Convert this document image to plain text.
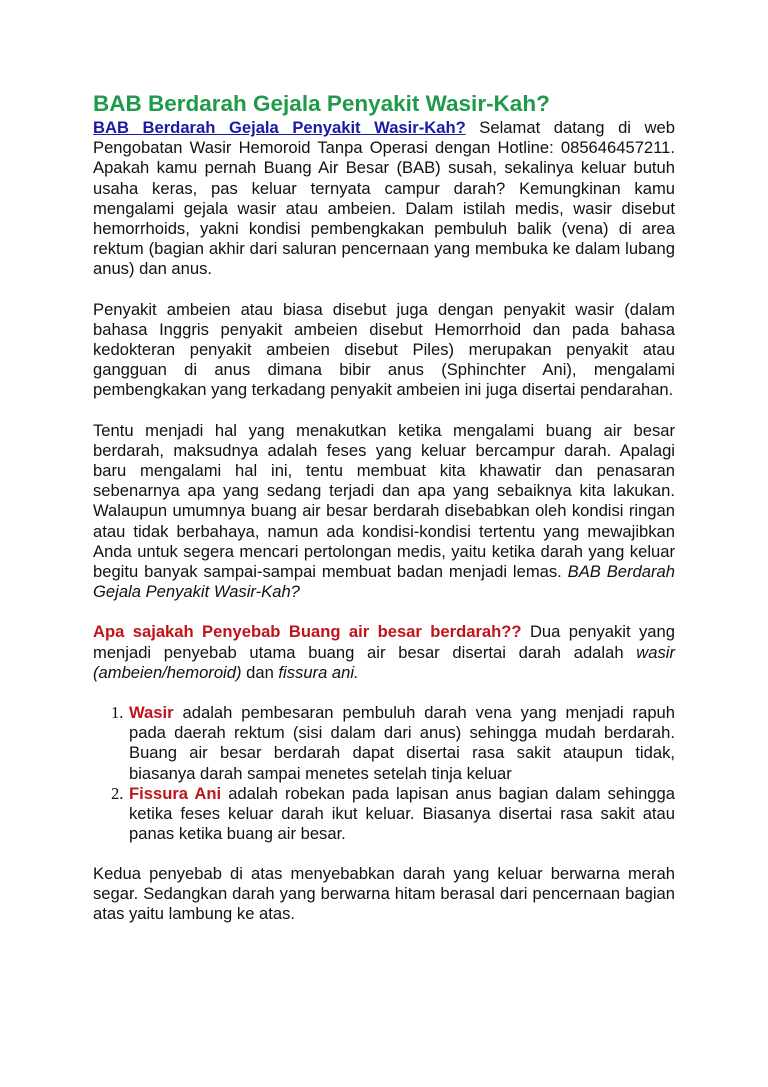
BAB Berdarah Gejala Penyakit Wasir-Kah?

BAB Berdarah Gejala Penyakit Wasir-Kah? Selamat datang di web Pengobatan Wasir Hemoroid Tanpa Operasi dengan Hotline: 085646457211. Apakah kamu pernah Buang Air Besar (BAB) susah, sekalinya keluar butuh usaha keras, pas keluar ternyata campur darah? Kemungkinan kamu mengalami gejala wasir atau ambeien. Dalam istilah medis, wasir disebut hemorrhoids, yakni kondisi pembengkakan pembuluh balik (vena) di area rektum (bagian akhir dari saluran pencernaan yang membuka ke dalam lubang anus) dan anus.

Penyakit ambeien atau biasa disebut juga dengan penyakit wasir (dalam bahasa Inggris penyakit ambeien disebut Hemorrhoid dan pada bahasa kedokteran penyakit ambeien disebut Piles) merupakan penyakit atau gangguan di anus dimana bibir anus (Sphinchter Ani), mengalami pembengkakan yang terkadang penyakit ambeien ini juga disertai pendarahan.

Tentu menjadi hal yang menakutkan ketika mengalami buang air besar berdarah, maksudnya adalah feses yang keluar bercampur darah. Apalagi baru mengalami hal ini, tentu membuat kita khawatir dan penasaran sebenarnya apa yang sedang terjadi dan apa yang sebaiknya kita lakukan. Walaupun umumnya buang air besar berdarah disebabkan oleh kondisi ringan atau tidak berbahaya, namun ada kondisi-kondisi tertentu yang mewajibkan Anda untuk segera mencari pertolongan medis, yaitu ketika darah yang keluar begitu banyak sampai-sampai membuat badan menjadi lemas. BAB Berdarah Gejala Penyakit Wasir-Kah?

Apa sajakah Penyebab Buang air besar berdarah?? Dua penyakit yang menjadi penyebab utama buang air besar disertai darah adalah wasir (ambeien/hemoroid) dan fissura ani.

1. Wasir adalah pembesaran pembuluh darah vena yang menjadi rapuh pada daerah rektum (sisi dalam dari anus) sehingga mudah berdarah. Buang air besar berdarah dapat disertai rasa sakit ataupun tidak, biasanya darah sampai menetes setelah tinja keluar
2. Fissura Ani adalah robekan pada lapisan anus bagian dalam sehingga ketika feses keluar darah ikut keluar. Biasanya disertai rasa sakit atau panas ketika buang air besar.

Kedua penyebab di atas menyebabkan darah yang keluar berwarna merah segar. Sedangkan darah yang berwarna hitam berasal dari pencernaan bagian atas yaitu lambung ke atas.
